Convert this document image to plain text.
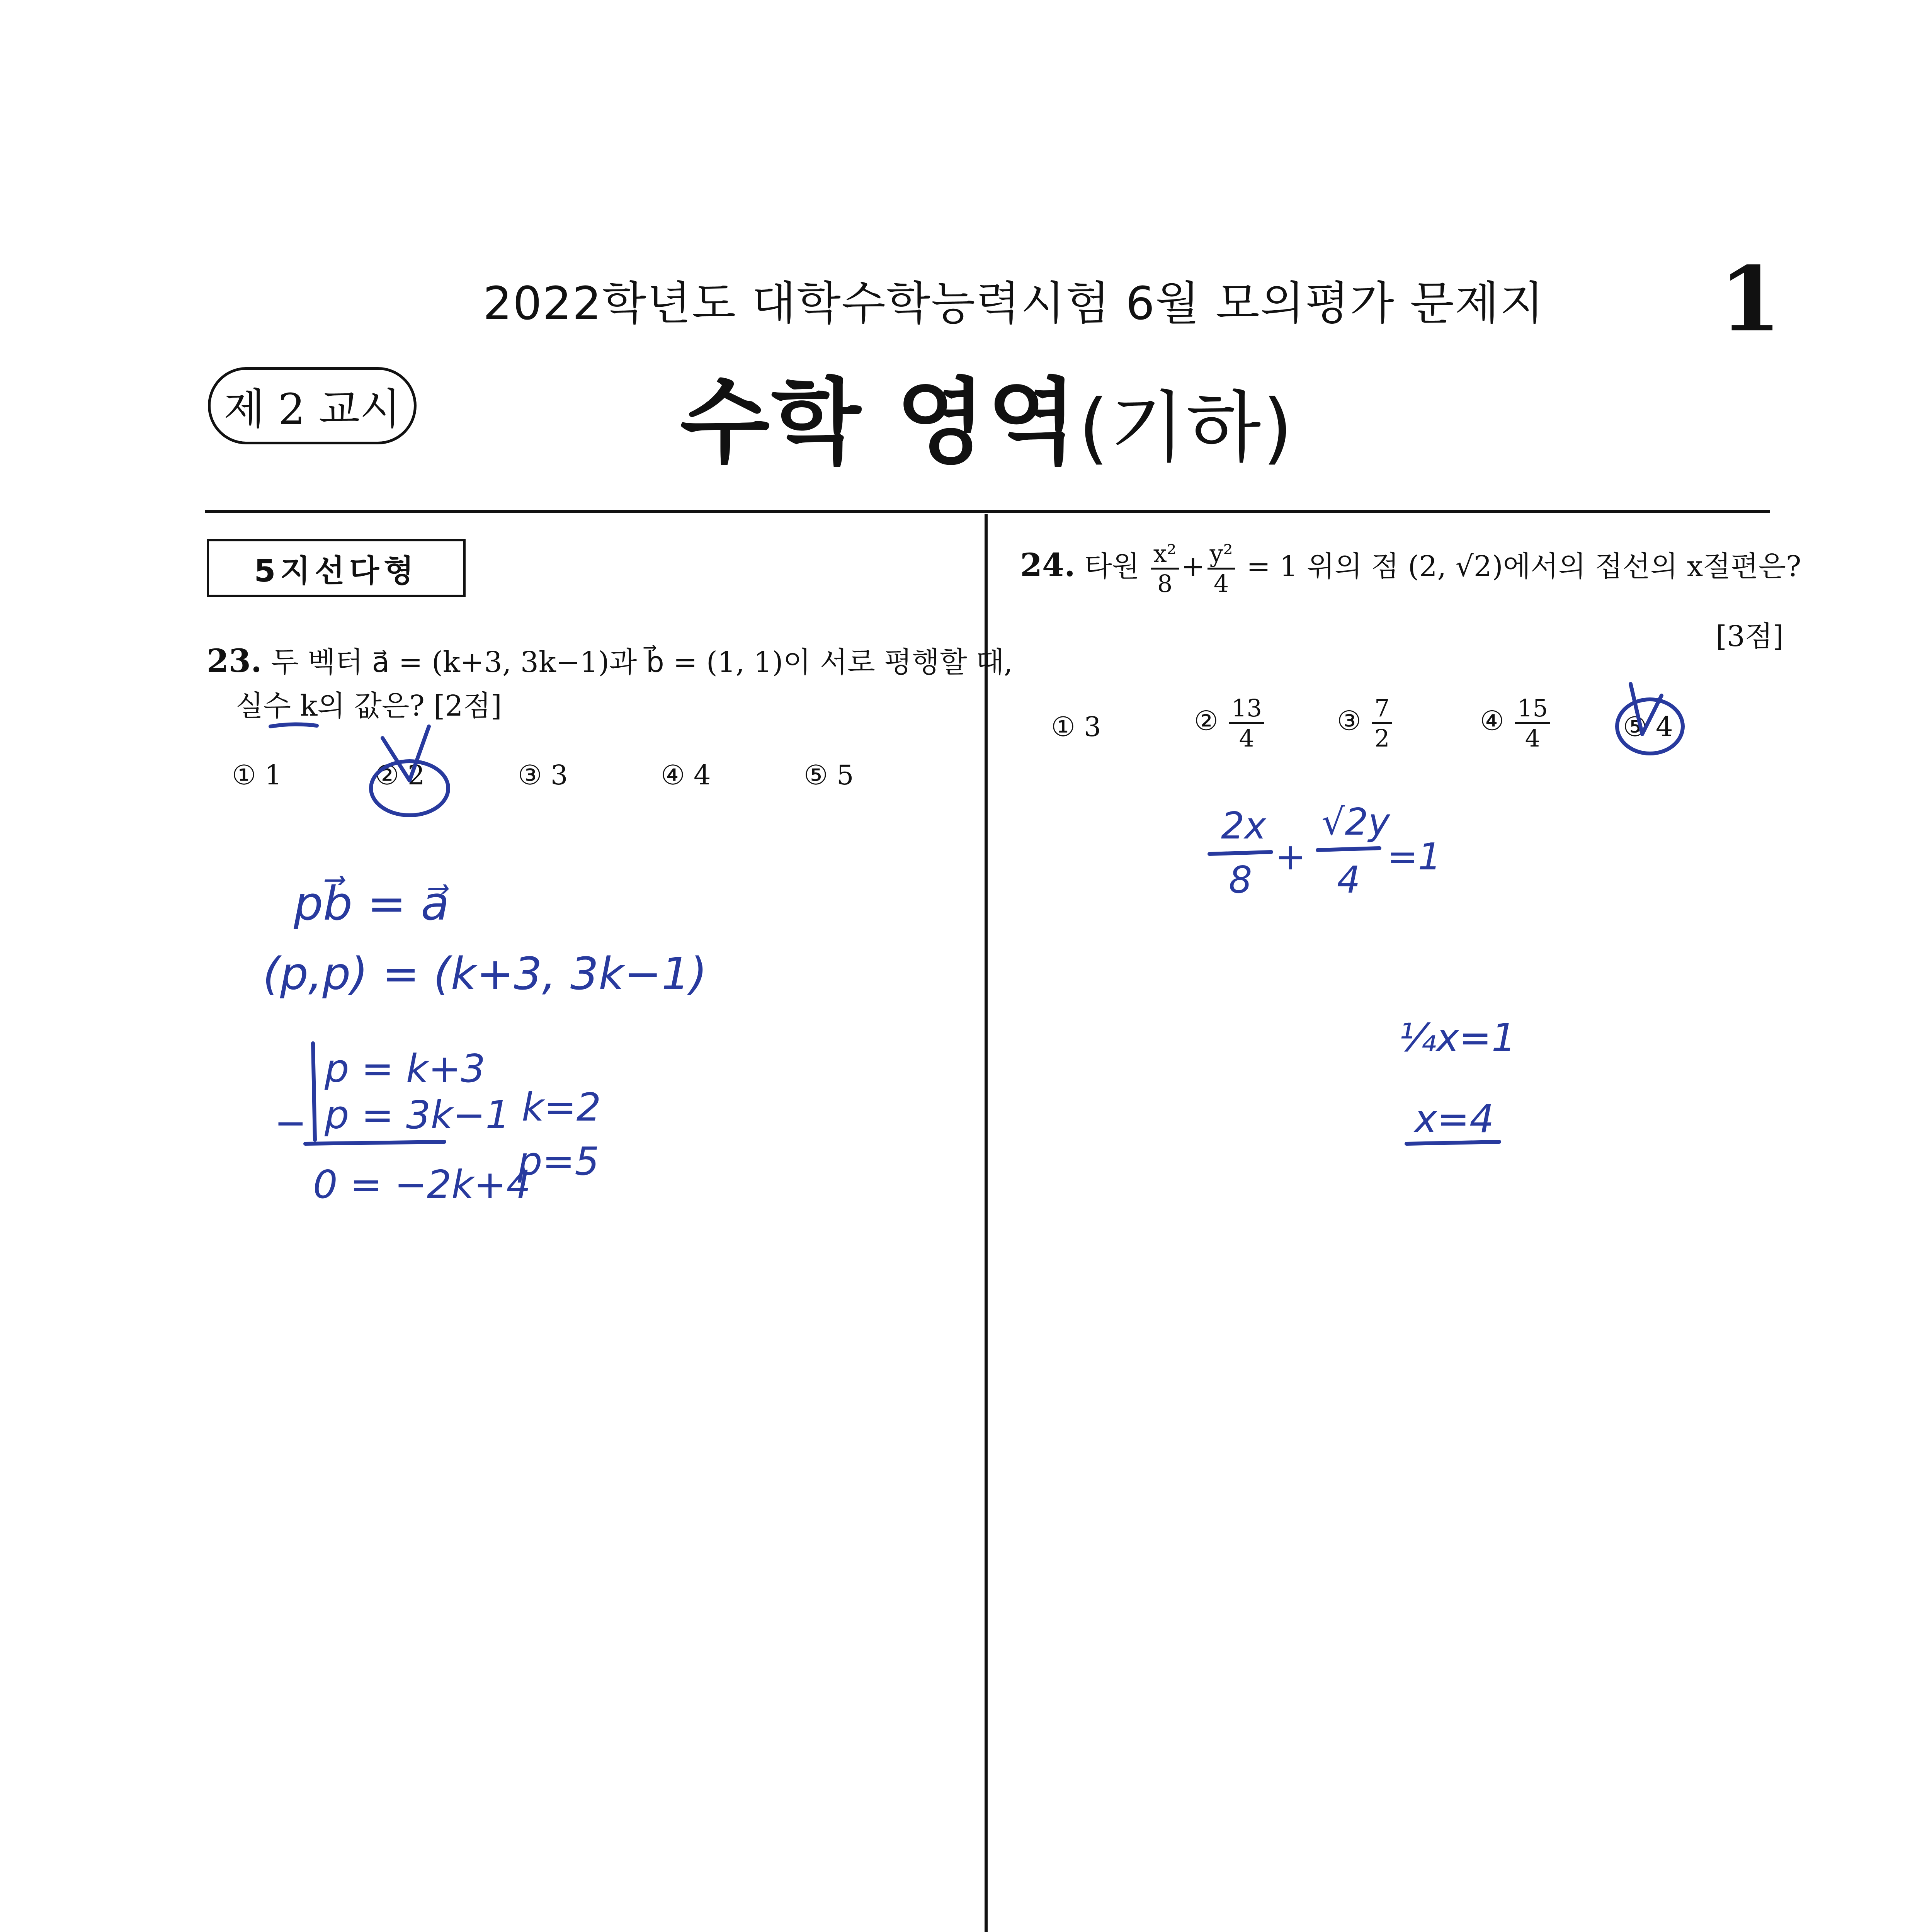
2022학년도 대학수학능력시험 6월 모의평가 문제지 1
제 2 교시	수학 영역(기하)
5지선다형
23. 두 벡터 a⃗ = (k+3, 3k−1)과 b⃗ = (1, 1)이 서로 평행할 때,
실수 k의 값은? [2점]
① 1	② 2	③ 3	④ 4	⑤ 5
24. 타원 $\frac{\text{x²}}{8} + \frac{\text{y²}}{4} = 1$ 위의 점 (2, √2)에서의 접선의 x절편은?
[3점]
① 3	② $\frac{13}{4}$	③ $\frac{7}{2}$	④ $\frac{15}{4}$	⑤ 4
pb⃗ = a⃗
(p,p) = (k+3, 3k−1)
p = k+3
p = 3k−1
−
0 = −2k+4
k=2
p=5
2x
8
+
√2y
4
=1
¼x=1
x=4
